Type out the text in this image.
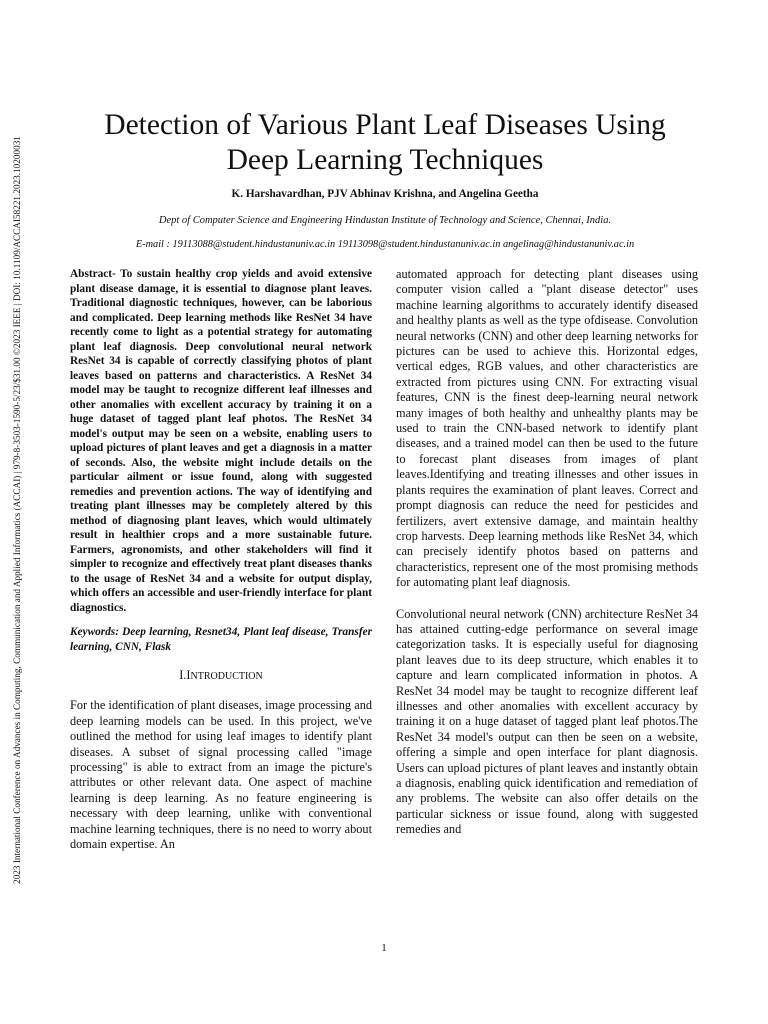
2023 International Conference on Advances in Computing, Communication and Applied Informatics (ACCAI) | 979-8-3503-1590-5/23/$31.00 ©2023 IEEE | DOI: 10.1109/ACCAI58221.2023.10200031
Detection of Various Plant Leaf Diseases Using Deep Learning Techniques
K. Harshavardhan, PJV Abhinav Krishna, and Angelina Geetha
Dept of Computer Science and Engineering Hindustan Institute of Technology and Science, Chennai, India.
E-mail : 19113088@student.hindustanuniv.ac.in 19113098@student.hindustanuniv.ac.in angelinag@hindustanuniv.ac.in

Abstract- To sustain healthy crop yields and avoid extensive plant disease damage, it is essential to diagnose plant leaves. Traditional diagnostic techniques, however, can be laborious and complicated. Deep learning methods like ResNet 34 have recently come to light as a potential strategy for automating plant leaf diagnosis. Deep convolutional neural network ResNet 34 is capable of correctly classifying photos of plant leaves based on patterns and characteristics. A ResNet 34 model may be taught to recognize different leaf illnesses and other anomalies with excellent accuracy by training it on a huge dataset of tagged plant leaf photos. The ResNet 34 model's output may be seen on a website, enabling users to upload pictures of plant leaves and get a diagnosis in a matter of seconds. Also, the website might include details on the particular ailment or issue found, along with suggested remedies and prevention actions. The way of identifying and treating plant illnesses may be completely altered by this method of diagnosing plant leaves, which would ultimately result in healthier crops and a more sustainable future. Farmers, agronomists, and other stakeholders will find it simpler to recognize and effectively treat plant diseases thanks to the usage of ResNet 34 and a website for output display, which offers an accessible and user-friendly interface for plant diagnostics.

Keywords: Deep learning, Resnet34, Plant leaf disease, Transfer learning, CNN, Flask

I.INTRODUCTION

For the identification of plant diseases, image processing and deep learning models can be used. In this project, we've outlined the method for using leaf images to identify plant diseases. A subset of signal processing called "image processing" is able to extract from an image the picture's attributes or other relevant data. One aspect of machine learning is deep learning. As no feature engineering is necessary with deep learning, unlike with conventional machine learning techniques, there is no need to worry about domain expertise. An

automated approach for detecting plant diseases using computer vision called a "plant disease detector" uses machine learning algorithms to accurately identify diseased and healthy plants as well as the type ofdisease. Convolution neural networks (CNN) and other deep learning networks for pictures can be used to achieve this. Horizontal edges, vertical edges, RGB values, and other characteristics are extracted from pictures using CNN. For extracting visual features, CNN is the finest deep-learning neural network many images of both healthy and unhealthy plants may be used to train the CNN-based network to identify plant diseases, and a trained model can then be used to the future to forecast plant diseases from images of plant leaves.Identifying and treating illnesses and other issues in plants requires the examination of plant leaves. Correct and prompt diagnosis can reduce the need for pesticides and fertilizers, avert extensive damage, and maintain healthy crop harvests. Deep learning methods like ResNet 34, which can precisely identify photos based on patterns and characteristics, represent one of the most promising methods for automating plant leaf diagnosis.

Convolutional neural network (CNN) architecture ResNet 34 has attained cutting-edge performance on several image categorization tasks. It is especially useful for diagnosing plant leaves due to its deep structure, which enables it to capture and learn complicated information in photos. A ResNet 34 model may be taught to recognize different leaf illnesses and other anomalies with excellent accuracy by training it on a huge dataset of tagged plant leaf photos.The ResNet 34 model's output can then be seen on a website, offering a simple and open interface for plant diagnosis. Users can upload pictures of plant leaves and instantly obtain a diagnosis, enabling quick identification and remediation of any problems. The website can also offer details on the particular sickness or issue found, along with suggested remedies and

1
